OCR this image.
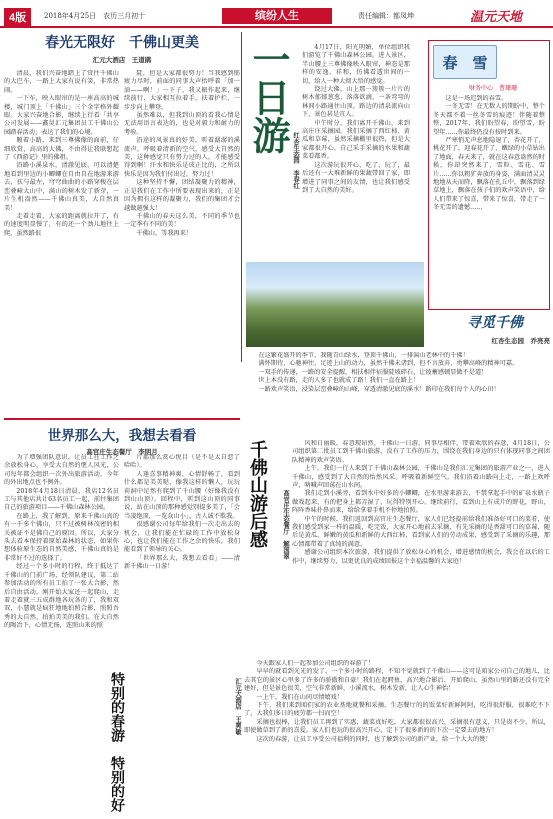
4版	2018年4月25日　农历三月初十	缤纷人生	责任编辑：都凤坤	温元天地
春光无限好　千佛山更美
汇元大酒店　王道鹃

清晨，我们兴奋地踏上了赏往千佛山的大巴车，一路上大家有说有笑，非常热闹。

一下车，映入眼帘的是一座高高的城楼，城门顶上「千佛山」三个金字格外耀眼。大家兴奋地合影，继续上行看「共享公司发展——鑫昊汇元集团员工千佛山公园踏春活动」表达了我们的心境。

顺着小路，来到三尊佛像的面前，仔细欣赏，高高的大佛，不由得让我联想起了《西游记》里的佛祖。

沿路小溪泉水，清澈见底，可以清楚地看到里边的小鲫鲫在自由自在地游来游去，扶与最左，穹穹曲曲的小路穿梭在层峦叠嶂大山中，满山的树木发了新芽，一片生机盎然——千佛山真美，大自然真美！

走着走着，大家的距离就拉开了，有的速度明显慢了，有的还一个劲儿地往上爬，虽然路很

陡，但是大家都很努力！当我感到筋疲力尽时，前面的同事大声抬呼着「加一油——啊！」一下子，我又振作起来，继续前行，大家相互拉着手，扶着护栏，一步步向上攀登。

虽然难以，但我到山顶的看我心情是无法用语言表达的，也是对毅力和耐力的考验。

沿途的风景真的好美，听着潺潺的溪流声，呼吸着清新的空气，感受大自然的美，这种感觉只有努力过的人，才能感受得到啊！汗水和快乐是成正比的，之所以快乐是因为我们付出过，努力过！

这种坚持不懈，团结凝聚力的精神，正是我们在工作中所要表现出来的，正是因为拥有这样的凝聚力，我们的集团才会越做越强大！

千佛山的春天这么美，不同的季节也一定季有不同的美！

千佛山，等我再来！

一日游
红杏生态园　李春红

4月17日，阳光明媚，单位组织我们游览了千佛山森林公园。进入景区，半山腰上三尊佛像映入眼帘，神态是那样的安逸、祥和，仿佛看透世间的一切，给人一种大彻大悟的感觉。

绕过大佛，山上那一簇簇一片片的树木郁郁葱葱，落落欲滴，一条弯弯的林间小路通往山顶，路边的清泉流向山下，景色甚是宜人。

中午时分，我们离开千佛山，来到高庄庄采摘园。我们采摘了西红柿、黄瓜和草莓，虽然采摘棚里很热，但是大家都很开心，自己采手采摘的水果和蔬菜看都香。

这次游玩很开心，吃了、玩了，最后还有一大堆新鲜的果蔬带回了家，即增进了同事之间的友情，也让我们感受到了大自然的美好。

春　雪
财务中心　曹珊珊

这是一场迟到的春雪。

一冬无雪！在无数人的期盼中，整个冬天都不着一丝冬雪的痕迹！伴随着整整，2017年，我们盼望春，盼望雪，盼望年……你最终仍没有按时到来。

严寒悄无声息地隐退了，杏花开了，桃花开了，迎春花开了，嫩绿的小草钻出了地面，春天来了，就在这春意盎然的时候，你却突然来了，雪粒、雪花、雪片……你以粗犷奔放的身姿，满面清灵灵地地从天而降，飘落在孔丘中，飘落到绿草地上，飘落在孩子们的欢声笑语中，给人们带来了惊喜，带来了惊喜，带走了一冬无雪的遗憾……

寻觅千佛
红杏生态园　乔亮亮

在这繁花盛开的季节，我随青山绿水，登顶千佛山，一排演山老林中的千佛！

满怀期待，心驰神往，足迹上山的动力，虽然千佛未诸到，但不言放弃，勇攀高峰的精神可嘉。

一双手的传递，一路的安全提醒，相扶相伴征服陡坡碎石，让彼蓄感顿显做不是道！

世上本没有路，走的人多了也就成了路！我们一直在路上！

一路欢声笑语，浸染层峦叠嶂的山峰，穿透清澈见底的溪水！路印在我们每个人的心田！

世界那么大，我想去看看
高官庄生态餐厅　李明月

为了增强团队意识，让员工在工作之余放松身心，享受大自然的惬人风光，公司每年都会组织一次外出旅游活动，今年的外出地点也不例外。

2018年4月18日清晨，我店12名员工与其他店共计63名员工一起，前往集团自己的旅游项目——千佛山森林公园。

在路上，我了解到，原来千佛山真的有一千多个佛山，只不过被树林茂密的相关被证不是佛自己的原因。所以，大家分头去看本保持着原始森林的状态，如果你想体验原生态的自然美感，千佛山真的是非常好不过的选择了。

经过一个多小时的行程，终于抵达了千佛山的门前广场，经领队建议，第二站参加活动的所有员工拍了一张大合影，然后自由活动。刚开始大家还一起爬山，走着走着就三五成群地各玩各的了，我和双双，小慧就是疯狂地地拍照合影，照照吾秀的大自然，拍拍美美的我们。在大自然的陶冶下，心情无扬，连照山来的照

片都那么赏心悦目（是不是太自恋了哈哈）。

人逢喜事精神爽，心情舒畅了，看到什么都是美美哒，像我这样的懒人，玩玩荷洞中足然有爬到了千山腰（好像我没有到山山顶）。回程中，听到这山顶的同事说，站在山顶的那种感觉别提多美了，「会当凌绝顶，一览众山小」，古人诚不欺我。

很感谢公司每年给我们一次走出去的机会，让我们能在忙碌的工作中放松身心，也让我们能在工作之余的快乐，我们能看到了领导的关心。

「世界那么大，我想去看看」——清新千佛山一日游！

千佛山游后感 高官庄生态餐厅　解国翠

风和日丽暖，春意现昂然，千佛山一日游，同事尽相伴，带着欢欣的春意，4月18日，公司组织第二批员工到千佛山旅游，没有了工作的压力，围绕在我们身边的只有体现同事之间团队精神的欢声笑语。

上午，我们一行人来到了千佛山森林公园，千佛山是我们汇元集团的旅游产业之一，进入千佛山，感受到了大自然的怡然风采。呼吸着新鲜空气，我们沿着山路向上走，一路上欢呼声，呐喊声回荡在山水间。

我们走到小溪旁，看到水中好多的小鲫鲫，在水里游来游去，不禁拿起手中的矿泉水瓶子做戏起来，有的把身上都弄湿了，玩得特别开心。继续前行，看到山上有成片的野花，野山，阵阵香味扑鼻而来，给给拿着手机不停地拍照。

中午的时候，我们返回到高官庄生态餐厅，家人们已经提前给我们准备好可口的菜肴，使我们感受到家一样的温暖，吃完饭，大家开心地前去采摘，有先采摘的是香甜可口的草莓，随后是黄瓜、鲜嫩的黄瓜和新鲜的大西红柿，看到家人们的劳动成果，感受到了采摘的乐趣，那心情都带着了真纯的满意。

感谢公司组织本次旅游，我们提供了放松身心的机会，增进感情的机会，我会在以后的工作中，继续努力，以更优良的成绩回报这个幸福温馨的大家庭！

特别的春游　特别的好	汇元大酒店　王爽敏

今天跟家人们一起参加公司组织的春游了！

早早的就看到光光的发了，一个多小时的路程，不知不觉就到了千佛山——这可是咱家公司自己的地儿，比去其它的景区心里多了许多的骄傲和自豪！我们在起鳄鱼，高兴地合影后，开始爬山，虽然山里的路还没有完全建好，但是景色很美，空气非常新鲜，小溪流水，树木发新，让人心生神怡！

一上午，我们在山间尽情嬉戏！

下午，我们来到咱们家的农业基地就餐和采摘，生态餐厅的的饭菜好新鲜阿阿，吃得很舒服，很难吃不下了，大我们多日的疲劳都一扫而空！

采摘也很棒，让我们员工再到了实惠，蔬菜真好吃，大家都很很高兴，采摘很有意义，只是贵不少，所以，即使做草到了新的喜爱。家人们也玩的很高兴开心，定下了很多新的的下次一定要去的地方！

这次的春游，让员工享受公司福利的同时，也了解到公司的新产业，给一个大大的赞！
